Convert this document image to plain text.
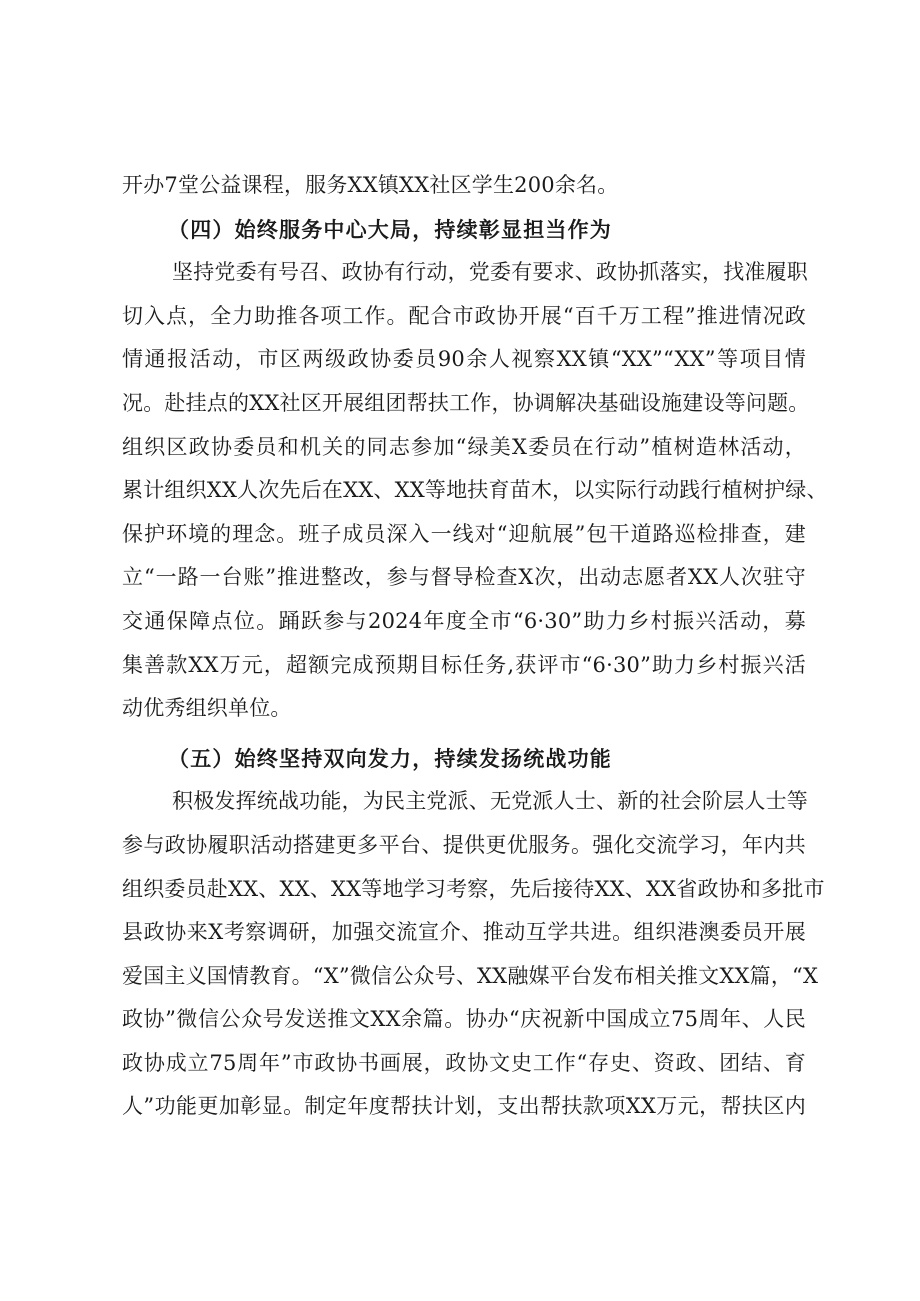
开办7堂公益课程，服务XX镇XX社区学生200余名。
（四）始终服务中心大局，持续彰显担当作为
坚持党委有号召、政协有行动，党委有要求、政协抓落实，找准履职
切入点，全力助推各项工作。配合市政协开展“百千万工程”推进情况政
情通报活动，市区两级政协委员90余人视察XX镇“XX”“XX”等项目情
况。赴挂点的XX社区开展组团帮扶工作，协调解决基础设施建设等问题。
组织区政协委员和机关的同志参加“绿美X委员在行动”植树造林活动，
累计组织XX人次先后在XX、XX等地扶育苗木，以实际行动践行植树护绿、
保护环境的理念。班子成员深入一线对“迎航展”包干道路巡检排查，建
立“一路一台账”推进整改，参与督导检查X次，出动志愿者XX人次驻守
交通保障点位。踊跃参与2024年度全市“6·30”助力乡村振兴活动，募
集善款XX万元，超额完成预期目标任务,获评市“6·30”助力乡村振兴活
动优秀组织单位。
（五）始终坚持双向发力，持续发扬统战功能
积极发挥统战功能，为民主党派、无党派人士、新的社会阶层人士等
参与政协履职活动搭建更多平台、提供更优服务。强化交流学习，年内共
组织委员赴XX、XX、XX等地学习考察，先后接待XX、XX省政协和多批市
县政协来X考察调研，加强交流宣介、推动互学共进。组织港澳委员开展
爱国主义国情教育。“X”微信公众号、XX融媒平台发布相关推文XX篇，“X
政协”微信公众号发送推文XX余篇。协办“庆祝新中国成立75周年、人民
政协成立75周年”市政协书画展，政协文史工作“存史、资政、团结、育
人”功能更加彰显。制定年度帮扶计划，支出帮扶款项XX万元，帮扶区内
